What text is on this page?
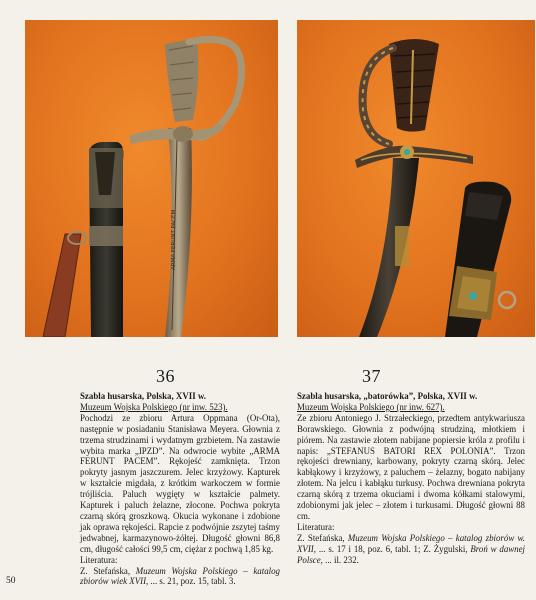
ARMA FERUNT PACEM
36	37

Szabla husarska, Polska, XVII w.

Muzeum Wojska Polskiego (nr inw. 523).

Pochodzi ze zbioru Artura Oppmana (Or-Ota), następnie w posiadaniu Stanisława Meyera. Głownia z trzema strudzinami i wydatnym grzbietem. Na zastawie wybita marka „IPZD”. Na odwrocie wybite „ARMA FERUNT PACEM”. Rękojeść zamknięta. Trzon pokryty jasnym jaszczurem. Jelec krzyżowy. Kapturek w kształcie migdała, z krótkim warkoczem w formie trójliścia. Paluch wygięty w kształcie palmety. Kapturek i paluch żelazne, złocone. Pochwa pokryta czarną skórą groszkową. Okucia wykonane i zdobione jak oprawa rękojeści. Rapcie z podwójnie zszytej taśmy jedwabnej, karmazynowo-żółtej. Długość głowni 86,8 cm, długość całości 99,5 cm, ciężar z pochwą 1,85 kg.

Literatura:

Z. Stefańska, Muzeum Wojska Polskiego – katalog zbiorów wiek XVII, ... s. 21, poz. 15, tabl. 3.

Szabla husarska, „batorówka”, Polska, XVII w.

Muzeum Wojska Polskiego (nr inw. 627).

Ze zbioru Antoniego J. Strzałeckiego, przedtem antykwariusza Borawskiego. Głownia z podwójną strudziną, młotkiem i piórem. Na zastawie złotem nabijane popiersie króla z profilu i napis: „STEFANUS BATORI REX POLONIA”. Trzon rękojeści drewniany, karbowany, pokryty czarną skórą. Jelec kabłąkowy i krzyżowy, z paluchem – żelazny, bogato nabijany złotem. Na jelcu i kabłąku turkusy. Pochwa drewniana pokryta czarną skórą z trzema okuciami i dwoma kółkami stalowymi, zdobionymi jak jelec – złotem i turkusami. Długość głowni 88 cm.

Literatura:

Z. Stefańska, Muzeum Wojska Polskiego – katalog zbiorów w. XVII, ... s. 17 i 18, poz. 6, tabl. 1; Z. Żygulski, Broń w dawnej Polsce, ... il. 232.

50
